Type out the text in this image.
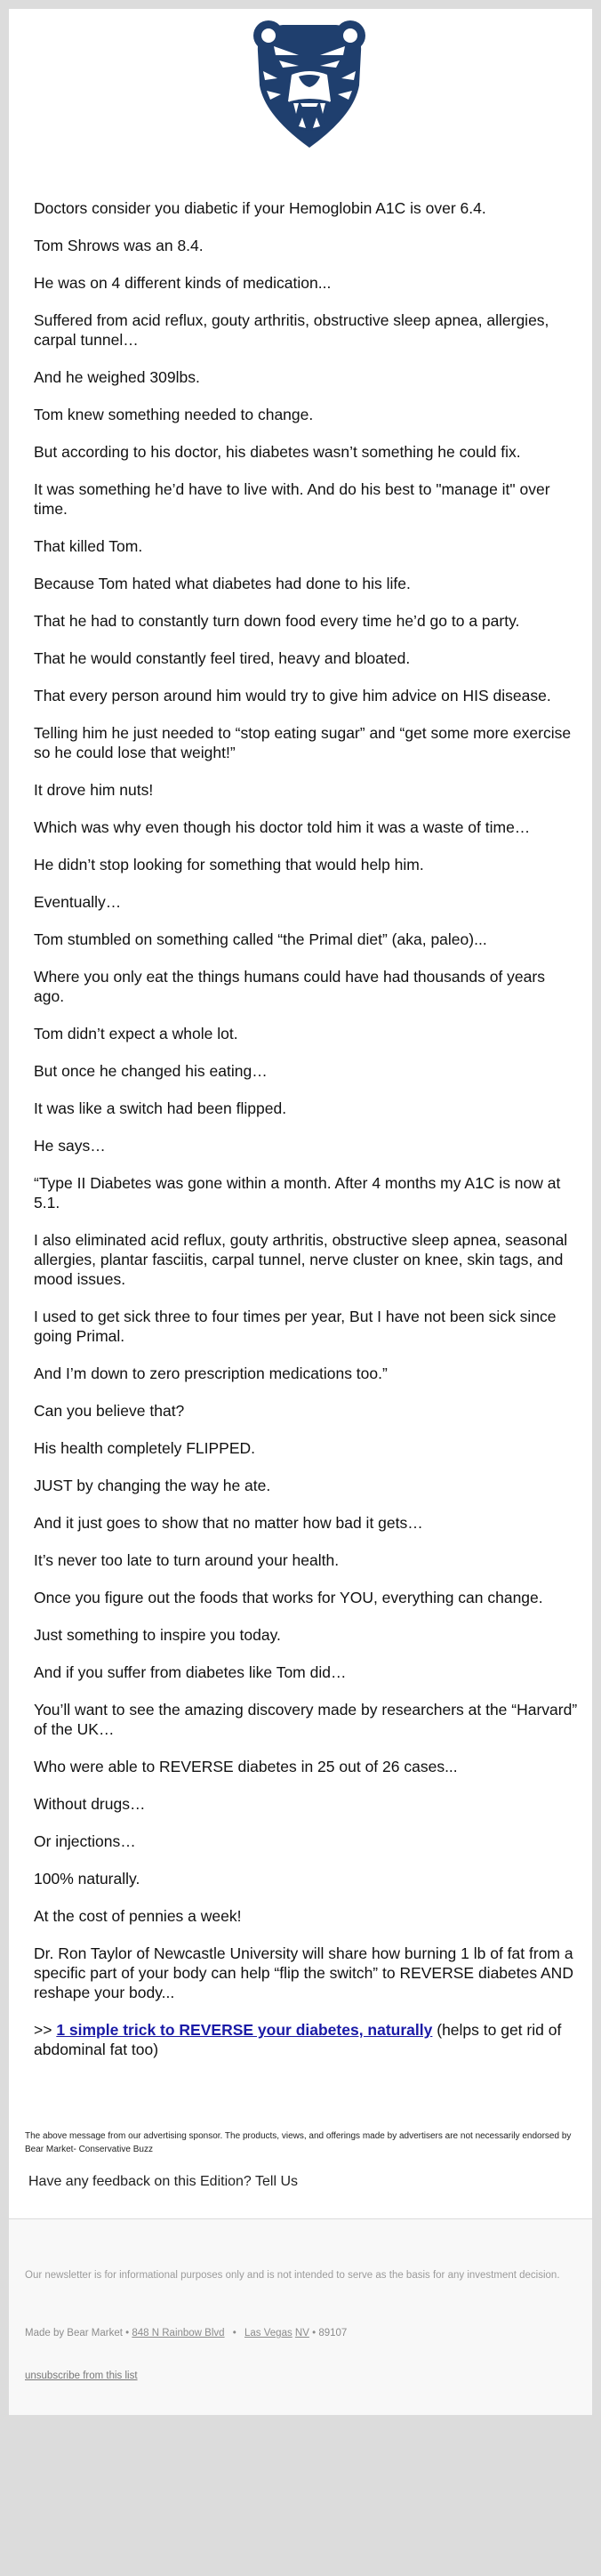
Doctors consider you diabetic if your Hemoglobin A1C is over 6.4.

Tom Shrows was an 8.4.

He was on 4 different kinds of medication...

Suffered from acid reflux, gouty arthritis, obstructive sleep apnea, allergies, carpal tunnel…

And he weighed 309lbs.

Tom knew something needed to change.

But according to his doctor, his diabetes wasn’t something he could fix.

It was something he’d have to live with. And do his best to "manage it" over time.

That killed Tom.

Because Tom hated what diabetes had done to his life.

That he had to constantly turn down food every time he’d go to a party.

That he would constantly feel tired, heavy and bloated.

That every person around him would try to give him advice on HIS disease.

Telling him he just needed to “stop eating sugar” and “get some more exercise so he could lose that weight!”

It drove him nuts!

Which was why even though his doctor told him it was a waste of time…

He didn’t stop looking for something that would help him.

Eventually…

Tom stumbled on something called “the Primal diet” (aka, paleo)...

Where you only eat the things humans could have had thousands of years ago.

Tom didn’t expect a whole lot.

But once he changed his eating…

It was like a switch had been flipped.

He says…

“Type II Diabetes was gone within a month. After 4 months my A1C is now at 5.1.

I also eliminated acid reflux, gouty arthritis, obstructive sleep apnea, seasonal allergies, plantar fasciitis, carpal tunnel, nerve cluster on knee, skin tags, and mood issues.

I used to get sick three to four times per year, But I have not been sick since going Primal.

And I’m down to zero prescription medications too.”

Can you believe that?

His health completely FLIPPED.

JUST by changing the way he ate.

And it just goes to show that no matter how bad it gets…

It’s never too late to turn around your health.

Once you figure out the foods that works for YOU, everything can change.

Just something to inspire you today.

And if you suffer from diabetes like Tom did…

You’ll want to see the amazing discovery made by researchers at the “Harvard” of the UK…

Who were able to REVERSE diabetes in 25 out of 26 cases...

Without drugs…

Or injections…

100% naturally.

At the cost of pennies a week!

Dr. Ron Taylor of Newcastle University will share how burning 1 lb of fat from a specific part of your body can help “flip the switch” to REVERSE diabetes AND reshape your body...

>> 1 simple trick to REVERSE your diabetes, naturally (helps to get rid of abdominal fat too)

The above message from our advertising sponsor. The products, views, and offerings made by advertisers are not necessarily endorsed by Bear Market- Conservative Buzz
Have any feedback on this Edition? Tell Us
Our newsletter is for informational purposes only and is not intended to serve as the basis for any investment decision.
Made by Bear Market • 848 N Rainbow Blvd • Las Vegas NV • 89107
unsubscribe from this list
